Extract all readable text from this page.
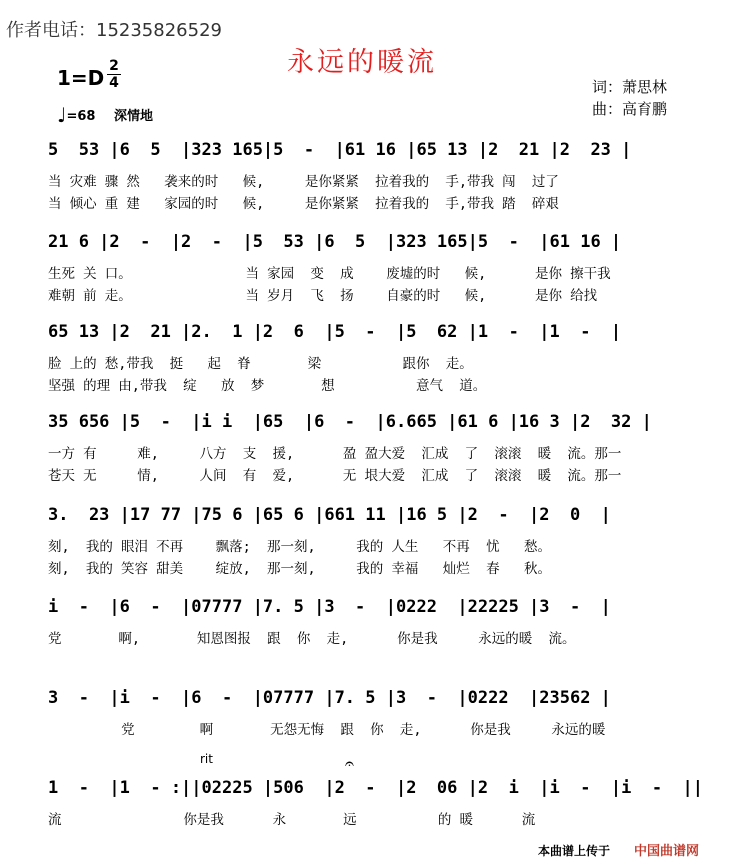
作者电话：15235826529
永远的暖流
1=D 2
4
♩=68 深情地
词：萧思林
曲：高育鹏
5  53 |6  5  |323 165|5  -  |61 16 |65 13 |2  21 |2  23 |
当 灾难 骤 然   袭来的时   候,     是你紧紧  拉着我的  手,带我 闯  过了
当 倾心 重 建   家园的时   候,     是你紧紧  拉着我的  手,带我 踏  碎艰
21 6 |2  -  |2  -  |5  53 |6  5  |323 165|5  -  |61 16 |
生死 关 口。              当 家园  变  成    废墟的时   候,      是你 擦干我
难朝 前 走。              当 岁月  飞  扬    自豪的时   候,      是你 给找
65 13 |2  21 |2.  1 |2  6  |5  -  |5  62 |1  -  |1  -  |
脸 上的 愁,带我  挺   起  脊       梁          跟你  走。
坚强 的理 由,带我  绽   放  梦       想          意气  道。
35 656 |5  -  |i i  |65  |6  -  |6.665 |61 6 |16 3 |2  32 |
一方 有     难,     八方  支  援,      盈 盈大爱  汇成  了  滚滚  暖  流。那一
苍天 无     情,     人间  有  爱,      无 垠大爱  汇成  了  滚滚  暖  流。那一
3.  23 |17 77 |75 6 |65 6 |661 11 |16 5 |2  -  |2  0  |
刻,  我的 眼泪 不再    飘落;  那一刻,     我的 人生   不再  忧   愁。
刻,  我的 笑容 甜美    绽放,  那一刻,     我的 幸福   灿烂  春   秋。
i  -  |6  -  |07777 |7. 5 |3  -  |0222  |22225 |3  -  |
党       啊,       知恩图报  跟  你  走,      你是我     永远的暖  流。
3  -  |i  -  |6  -  |07777 |7. 5 |3  -  |0222  |23562 |
党        啊       无怨无悔  跟  你  走,      你是我     永远的暖
rit	𝄐
1  -  |1  - :||02225 |506  |2  -  |2  06 |2  i  |i  -  |i  -  ||
流               你是我      永       远          的 暖      流
本曲谱上传于 中国曲谱网
